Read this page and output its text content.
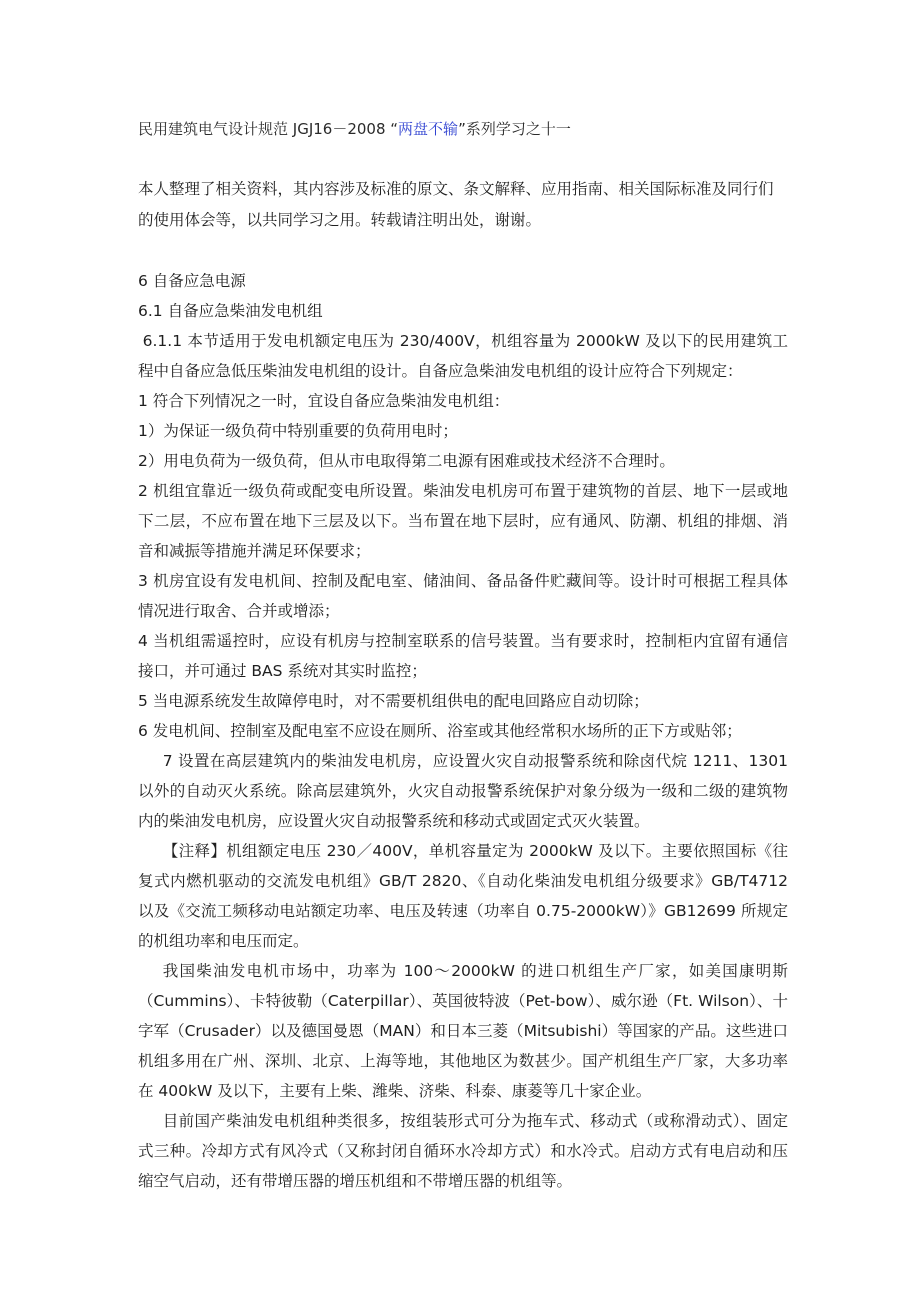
民用建筑电气设计规范 JGJ16－2008 “两盘不输”系列学习之十一

本人整理了相关资料，其内容涉及标准的原文、条文解释、应用指南、相关国际标准及同行们的使用体会等，以共同学习之用。转载请注明出处，谢谢。

6 自备应急电源

6.1 自备应急柴油发电机组

6.1.1 本节适用于发电机额定电压为 230/400V，机组容量为 2000kW 及以下的民用建筑工程中自备应急低压柴油发电机组的设计。自备应急柴油发电机组的设计应符合下列规定：

1 符合下列情况之一时，宜设自备应急柴油发电机组：

1）为保证一级负荷中特别重要的负荷用电时；

2）用电负荷为一级负荷，但从市电取得第二电源有困难或技术经济不合理时。

2 机组宜靠近一级负荷或配变电所设置。柴油发电机房可布置于建筑物的首层、地下一层或地下二层，不应布置在地下三层及以下。当布置在地下层时，应有通风、防潮、机组的排烟、消音和减振等措施并满足环保要求；

3 机房宜设有发电机间、控制及配电室、储油间、备品备件贮藏间等。设计时可根据工程具体情况进行取舍、合并或增添；

4 当机组需遥控时，应设有机房与控制室联系的信号装置。当有要求时，控制柜内宜留有通信接口，并可通过 BAS 系统对其实时监控；

5 当电源系统发生故障停电时，对不需要机组供电的配电回路应自动切除；

6 发电机间、控制室及配电室不应设在厕所、浴室或其他经常积水场所的正下方或贴邻；

7 设置在高层建筑内的柴油发电机房，应设置火灾自动报警系统和除卤代烷 1211、1301 以外的自动灭火系统。除高层建筑外，火灾自动报警系统保护对象分级为一级和二级的建筑物内的柴油发电机房，应设置火灾自动报警系统和移动式或固定式灭火装置。

【注释】机组额定电压 230／400V，单机容量定为 2000kW 及以下。主要依照国标《往复式内燃机驱动的交流发电机组》GB/T 2820、《自动化柴油发电机组分级要求》GB/T4712 以及《交流工频移动电站额定功率、电压及转速（功率自 0.75-2000kW）》GB12699 所规定的机组功率和电压而定。

我国柴油发电机市场中，功率为 100～2000kW 的进口机组生产厂家，如美国康明斯（Cummins）、卡特彼勒（Caterpillar）、英国彼特波（Pet-bow）、威尔逊（Ft. Wilson）、十字军（Crusader）以及德国曼恩（MAN）和日本三菱（Mitsubishi）等国家的产品。这些进口机组多用在广州、深圳、北京、上海等地，其他地区为数甚少。国产机组生产厂家，大多功率在 400kW 及以下，主要有上柴、潍柴、济柴、科泰、康菱等几十家企业。

目前国产柴油发电机组种类很多，按组装形式可分为拖车式、移动式（或称滑动式）、固定式三种。冷却方式有风冷式（又称封闭自循环水冷却方式）和水冷式。启动方式有电启动和压缩空气启动，还有带增压器的增压机组和不带增压器的机组等。
